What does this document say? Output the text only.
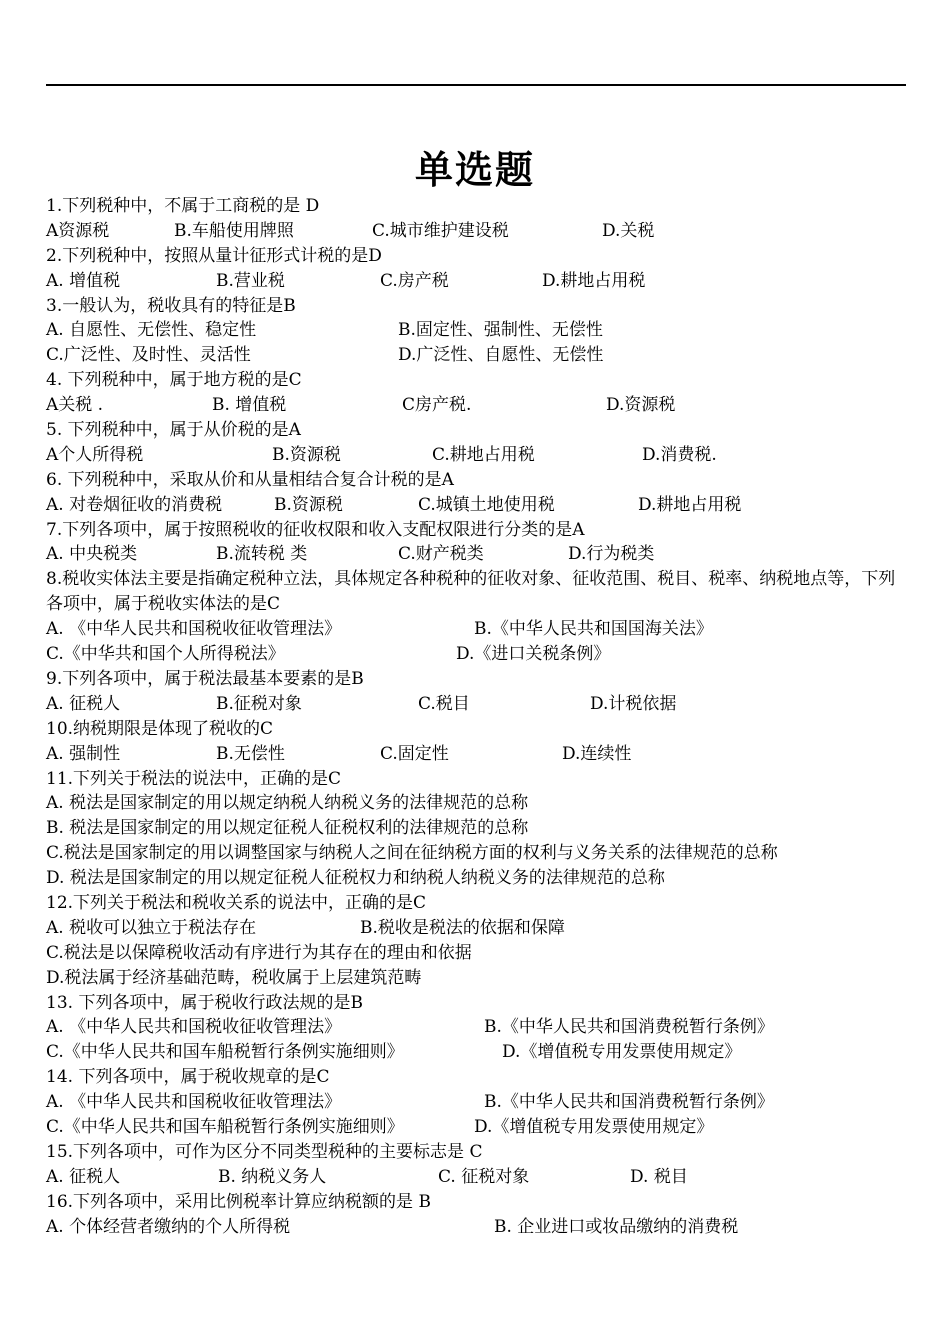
单选题
1.下列税种中，不属于工商税的是 D
A资源税	B.车船使用牌照	C.城市维护建设税	D.关税
2.下列税种中，按照从量计征形式计税的是D
A. 增值税	B.营业税	C.房产税	D.耕地占用税
3.一般认为，税收具有的特征是B
A. 自愿性、无偿性、稳定性	B.固定性、强制性、无偿性
C.广泛性、及时性、灵活性	D.广泛性、自愿性、无偿性
4. 下列税种中，属于地方税的是C
A关税 .	B. 增值税	C房产税.	D.资源税
5. 下列税种中，属于从价税的是A
A个人所得税	B.资源税	C.耕地占用税	D.消费税.
6. 下列税种中，采取从价和从量相结合复合计税的是A
A. 对卷烟征收的消费税	B.资源税	C.城镇土地使用税	D.耕地占用税
7.下列各项中，属于按照税收的征收权限和收入支配权限进行分类的是A
A. 中央税类	B.流转税 类	C.财产税类	D.行为税类
8.税收实体法主要是指确定税种立法，具体规定各种税种的征收对象、征收范围、税目、税率、纳税地点等，下列各项中，属于税收实体法的是C
A. 《中华人民共和国税收征收管理法》	B.《中华人民共和国国海关法》
C.《中华共和国个人所得税法》	D.《进口关税条例》
9.下列各项中，属于税法最基本要素的是B
A. 征税人	B.征税对象	C.税目	D.计税依据
10.纳税期限是体现了税收的C
A. 强制性	B.无偿性	C.固定性	D.连续性
11.下列关于税法的说法中，正确的是C
A. 税法是国家制定的用以规定纳税人纳税义务的法律规范的总称
B. 税法是国家制定的用以规定征税人征税权利的法律规范的总称
C.税法是国家制定的用以调整国家与纳税人之间在征纳税方面的权利与义务关系的法律规范的总称
D. 税法是国家制定的用以规定征税人征税权力和纳税人纳税义务的法律规范的总称
12.下列关于税法和税收关系的说法中，正确的是C
A. 税收可以独立于税法存在	B.税收是税法的依据和保障
C.税法是以保障税收活动有序进行为其存在的理由和依据
D.税法属于经济基础范畴，税收属于上层建筑范畴
13. 下列各项中，属于税收行政法规的是B
A. 《中华人民共和国税收征收管理法》	B.《中华人民共和国消费税暂行条例》
C.《中华人民共和国车船税暂行条例实施细则》	D.《增值税专用发票使用规定》
14. 下列各项中，属于税收规章的是C
A. 《中华人民共和国税收征收管理法》	B.《中华人民共和国消费税暂行条例》
C.《中华人民共和国车船税暂行条例实施细则》	D.《增值税专用发票使用规定》
15.下列各项中，可作为区分不同类型税种的主要标志是 C
A. 征税人	B. 纳税义务人	C. 征税对象	D. 税目
16.下列各项中，采用比例税率计算应纳税额的是 B
A. 个体经营者缴纳的个人所得税	B. 企业进口或妆品缴纳的消费税
